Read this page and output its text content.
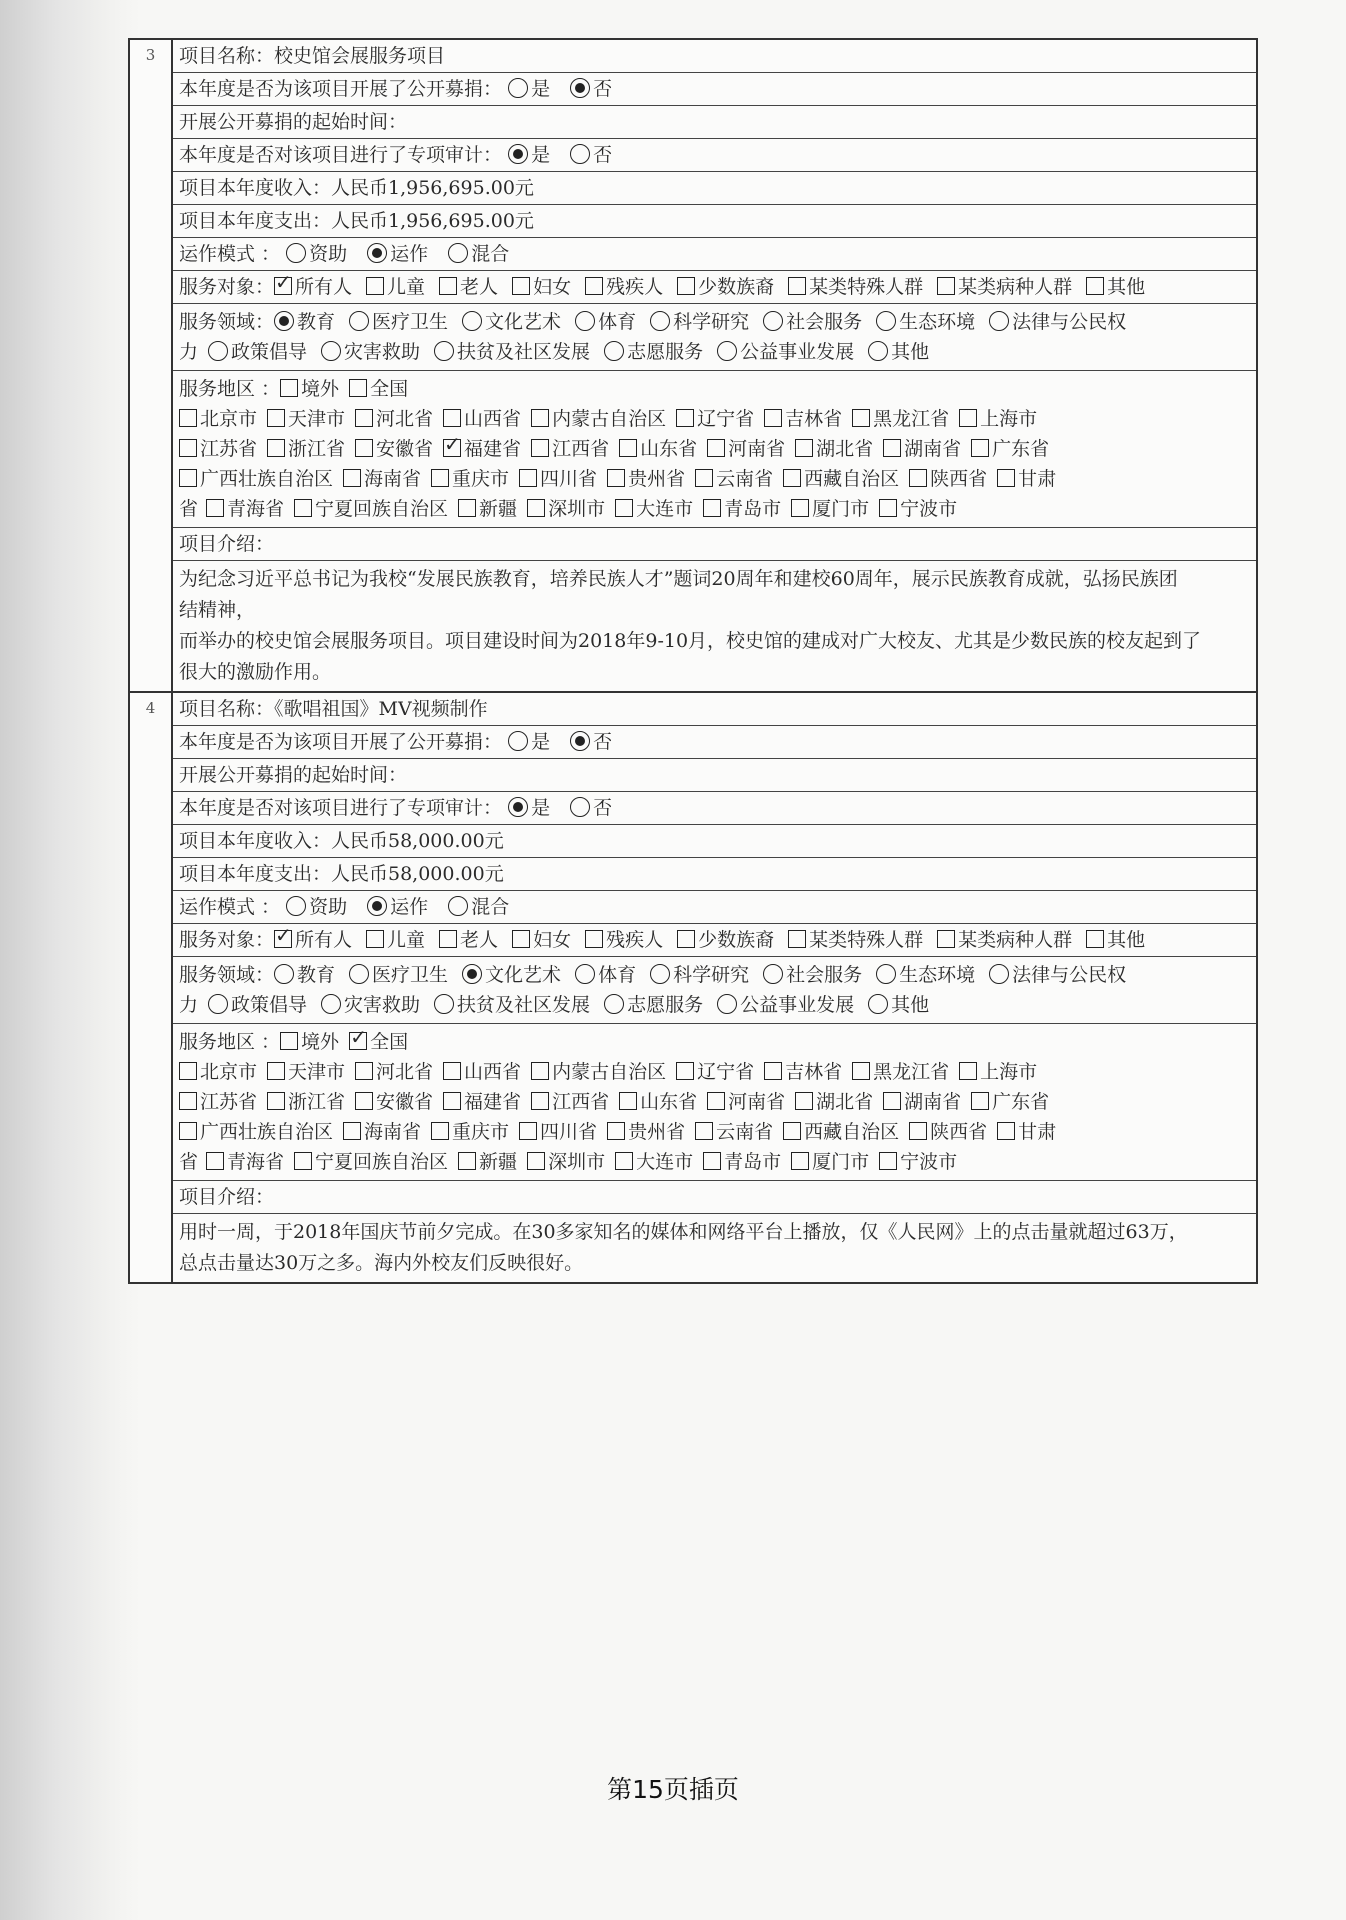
3	项目名称：校史馆会展服务项目
本年度是否为该项目开展了公开募捐： 是 否
开展公开募捐的起始时间：
本年度是否对该项目进行了专项审计： 是 否
项目本年度收入：人民币1,956,695.00元
项目本年度支出：人民币1,956,695.00元
运作模式 ： 资助 运作 混合
服务对象： ✓ 所有人 儿童 老人 妇女 残疾人 少数族裔 某类特殊人群 某类病种人群 其他
服务领域： 教育 医疗卫生 文化艺术 体育 科学研究 社会服务 生态环境 法律与公民权
力 政策倡导 灾害救助 扶贫及社区发展 志愿服务 公益事业发展 其他
服务地区 ： 境外 全国
北京市 天津市 河北省 山西省 内蒙古自治区 辽宁省 吉林省 黑龙江省 上海市
江苏省 浙江省 安徽省 ✓ 福建省 江西省 山东省 河南省 湖北省 湖南省 广东省
广西壮族自治区 海南省 重庆市 四川省 贵州省 云南省 西藏自治区 陕西省 甘肃
省 青海省 宁夏回族自治区 新疆 深圳市 大连市 青岛市 厦门市 宁波市
项目介绍：
为纪念习近平总书记为我校“发展民族教育，培养民族人才”题词20周年和建校60周年，展示民族教育成就，弘扬民族团
结精神，
而举办的校史馆会展服务项目。项目建设时间为2018年9-10月，校史馆的建成对广大校友、尤其是少数民族的校友起到了
很大的激励作用。
4	项目名称：《歌唱祖国》MV视频制作
本年度是否为该项目开展了公开募捐： 是 否
开展公开募捐的起始时间：
本年度是否对该项目进行了专项审计： 是 否
项目本年度收入：人民币58,000.00元
项目本年度支出：人民币58,000.00元
运作模式 ： 资助 运作 混合
服务对象： ✓ 所有人 儿童 老人 妇女 残疾人 少数族裔 某类特殊人群 某类病种人群 其他
服务领域： 教育 医疗卫生 文化艺术 体育 科学研究 社会服务 生态环境 法律与公民权
力 政策倡导 灾害救助 扶贫及社区发展 志愿服务 公益事业发展 其他
服务地区 ： 境外 ✓ 全国
北京市 天津市 河北省 山西省 内蒙古自治区 辽宁省 吉林省 黑龙江省 上海市
江苏省 浙江省 安徽省 福建省 江西省 山东省 河南省 湖北省 湖南省 广东省
广西壮族自治区 海南省 重庆市 四川省 贵州省 云南省 西藏自治区 陕西省 甘肃
省 青海省 宁夏回族自治区 新疆 深圳市 大连市 青岛市 厦门市 宁波市
项目介绍：
用时一周，于2018年国庆节前夕完成。在30多家知名的媒体和网络平台上播放，仅《人民网》上的点击量就超过63万，
总点击量达30万之多。海内外校友们反映很好。
第15页插页
